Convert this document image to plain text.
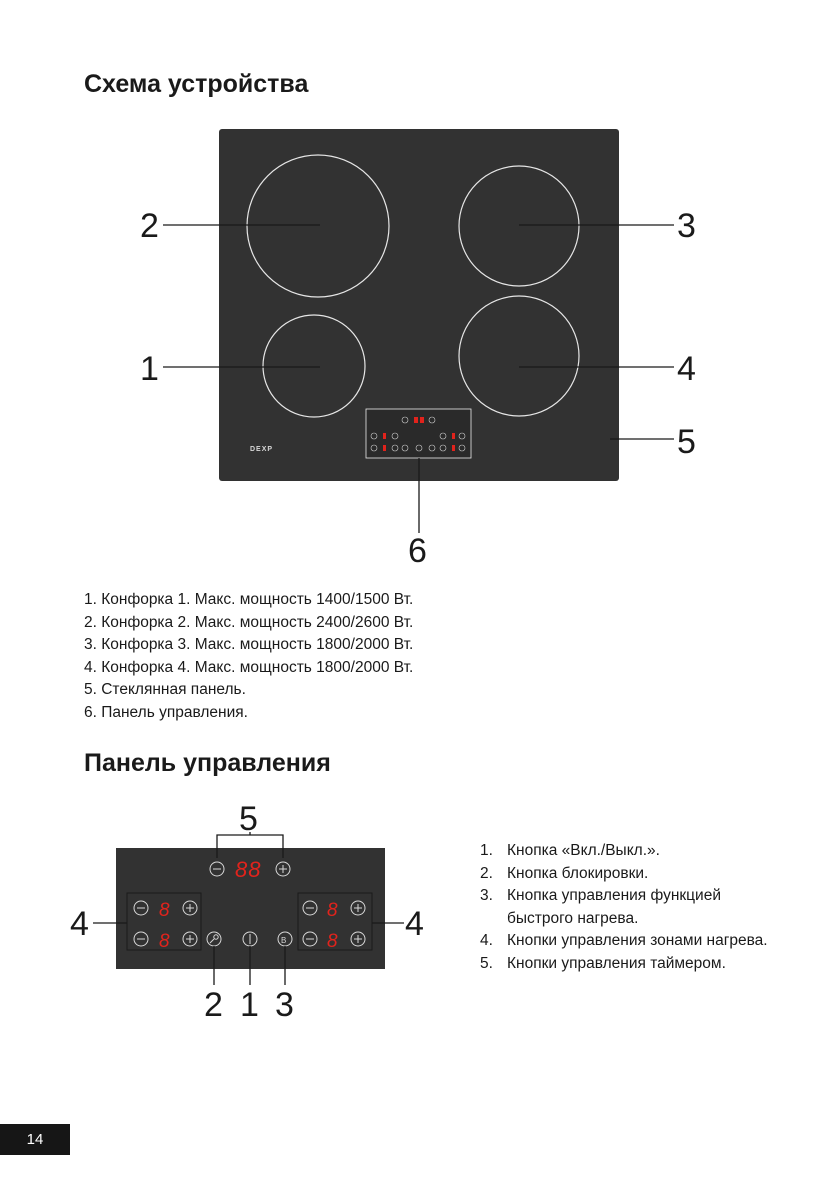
Схема устройства
DEXP
2	3
1	4
5
6
1. Конфорка 1. Макс. мощность 1400/1500 Вт.
2. Конфорка 2. Макс. мощность 2400/2600 Вт.
3. Конфорка 3. Макс. мощность 1800/2000 Вт.
4. Конфорка 4. Макс. мощность 1800/2000 Вт.
5. Стеклянная панель.
6. Панель управления.
Панель управления
88
B
8
8
8
8
5
4	4
2 1 3
1. Кнопка «Вкл./Выкл.».
2. Кнопка блокировки.
3. Кнопка управления функцией быстрого нагрева.
4. Кнопки управления зонами нагрева.
5. Кнопки управления таймером.
14
